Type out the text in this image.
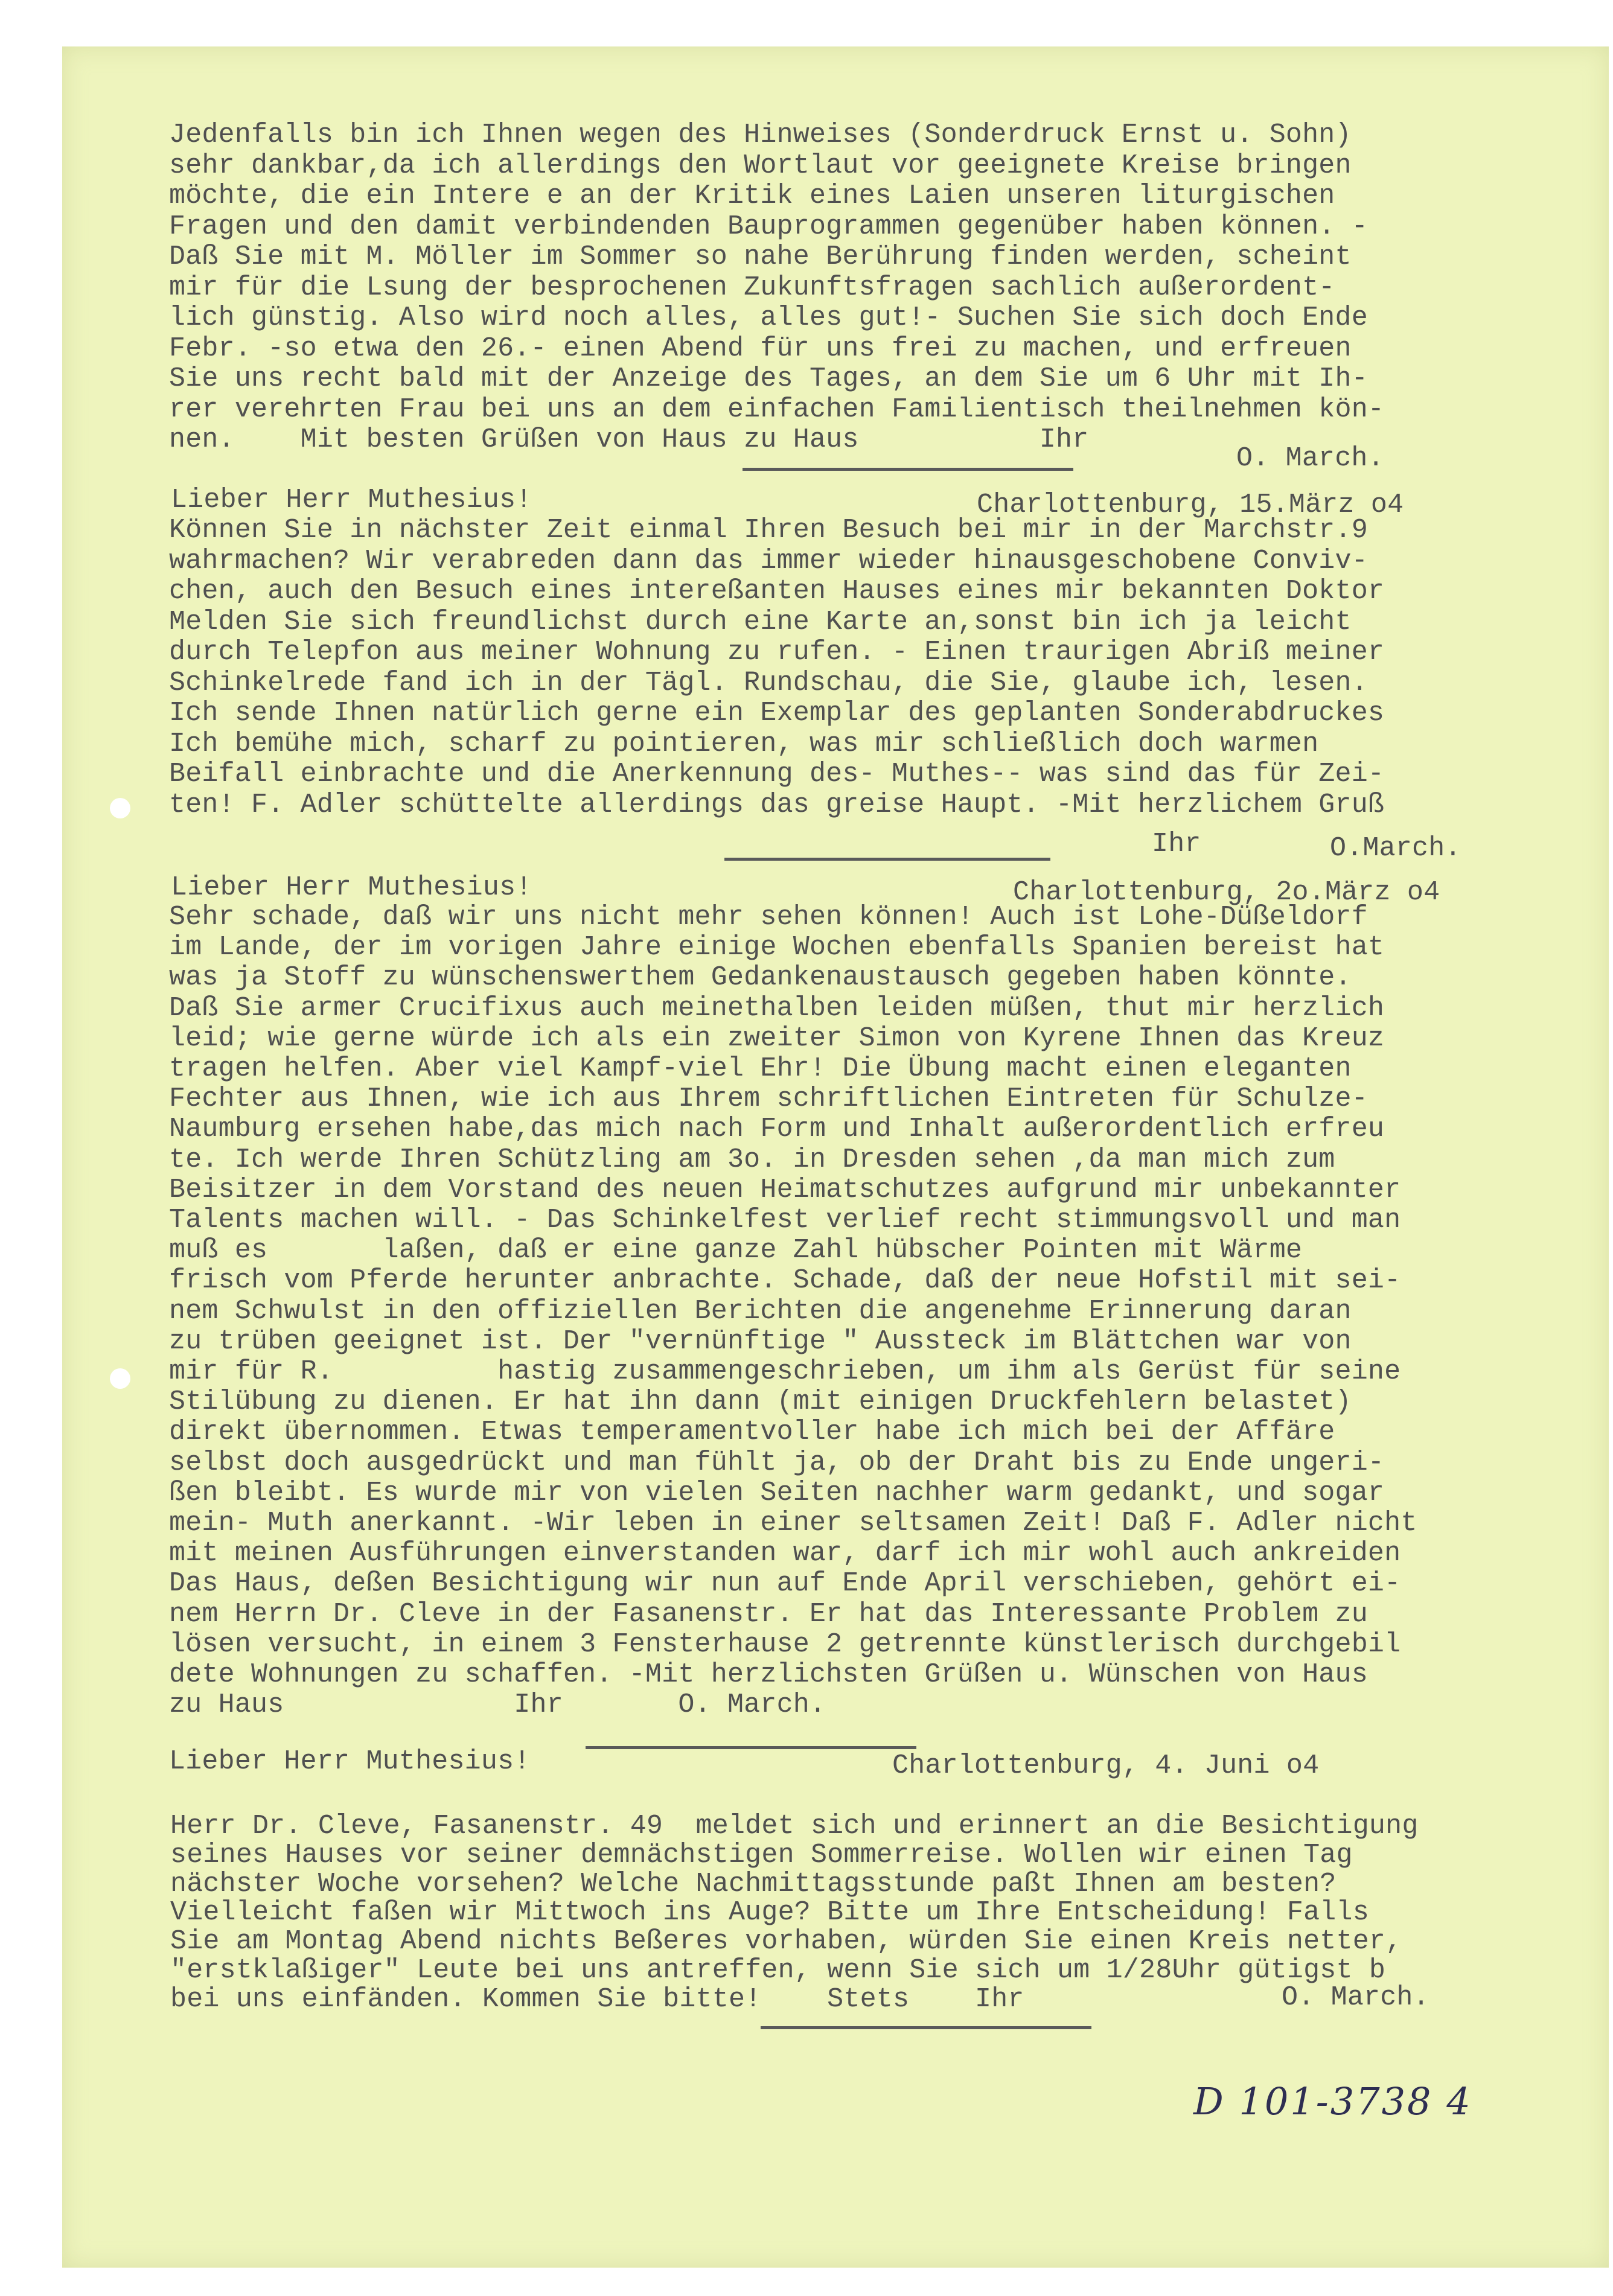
Jedenfalls bin ich Ihnen wegen des Hinweises (Sonderdruck Ernst u. Sohn)
sehr dankbar,da ich allerdings den Wortlaut vor geeignete Kreise bringen
möchte, die ein Intere e an der Kritik eines Laien unseren liturgischen
Fragen und den damit verbindenden Bauprogrammen gegenüber haben können. -
Daß Sie mit M. Möller im Sommer so nahe Berührung finden werden, scheint
mir für die Lsung der besprochenen Zukunftsfragen sachlich außerordent-
lich günstig. Also wird noch alles, alles gut!- Suchen Sie sich doch Ende
Febr. -so etwa den 26.- einen Abend für uns frei zu machen, und erfreuen
Sie uns recht bald mit der Anzeige des Tages, an dem Sie um 6 Uhr mit Ih-
rer verehrten Frau bei uns an dem einfachen Familientisch theilnehmen kön-
nen.    Mit besten Grüßen von Haus zu Haus           Ihr
O. March.
Lieber Herr Muthesius!	Charlottenburg, 15.März o4
Können Sie in nächster Zeit einmal Ihren Besuch bei mir in der Marchstr.9
wahrmachen? Wir verabreden dann das immer wieder hinausgeschobene Conviv-
chen, auch den Besuch eines intereßanten Hauses eines mir bekannten Doktor
Melden Sie sich freundlichst durch eine Karte an,sonst bin ich ja leicht
durch Telepfon aus meiner Wohnung zu rufen. - Einen traurigen Abriß meiner
Schinkelrede fand ich in der Tägl. Rundschau, die Sie, glaube ich, lesen.
Ich sende Ihnen natürlich gerne ein Exemplar des geplanten Sonderabdruckes
Ich bemühe mich, scharf zu pointieren, was mir schließlich doch warmen
Beifall einbrachte und die Anerkennung des- Muthes-- was sind das für Zei-
ten! F. Adler schüttelte allerdings das greise Haupt. -Mit herzlichem Gruß
Ihr	O.March.
Lieber Herr Muthesius!	Charlottenburg, 2o.März o4
Sehr schade, daß wir uns nicht mehr sehen können! Auch ist Lohe-Düßeldorf
im Lande, der im vorigen Jahre einige Wochen ebenfalls Spanien bereist hat
was ja Stoff zu wünschenswerthem Gedankenaustausch gegeben haben könnte.
Daß Sie armer Crucifixus auch meinethalben leiden müßen, thut mir herzlich
leid; wie gerne würde ich als ein zweiter Simon von Kyrene Ihnen das Kreuz
tragen helfen. Aber viel Kampf-viel Ehr! Die Übung macht einen eleganten
Fechter aus Ihnen, wie ich aus Ihrem schriftlichen Eintreten für Schulze-
Naumburg ersehen habe,das mich nach Form und Inhalt außerordentlich erfreu
te. Ich werde Ihren Schützling am 3o. in Dresden sehen ,da man mich zum
Beisitzer in dem Vorstand des neuen Heimatschutzes aufgrund mir unbekannter
Talents machen will. - Das Schinkelfest verlief recht stimmungsvoll und man
muß es       laßen, daß er eine ganze Zahl hübscher Pointen mit Wärme
frisch vom Pferde herunter anbrachte. Schade, daß der neue Hofstil mit sei-
nem Schwulst in den offiziellen Berichten die angenehme Erinnerung daran
zu trüben geeignet ist. Der "vernünftige " Aussteck im Blättchen war von
mir für R.          hastig zusammengeschrieben, um ihm als Gerüst für seine
Stilübung zu dienen. Er hat ihn dann (mit einigen Druckfehlern belastet)
direkt übernommen. Etwas temperamentvoller habe ich mich bei der Affäre
selbst doch ausgedrückt und man fühlt ja, ob der Draht bis zu Ende ungeri-
ßen bleibt. Es wurde mir von vielen Seiten nachher warm gedankt, und sogar
mein- Muth anerkannt. -Wir leben in einer seltsamen Zeit! Daß F. Adler nicht
mit meinen Ausführungen einverstanden war, darf ich mir wohl auch ankreiden
Das Haus, deßen Besichtigung wir nun auf Ende April verschieben, gehört ei-
nem Herrn Dr. Cleve in der Fasanenstr. Er hat das Interessante Problem zu
lösen versucht, in einem 3 Fensterhause 2 getrennte künstlerisch durchgebil
dete Wohnungen zu schaffen. -Mit herzlichsten Grüßen u. Wünschen von Haus
zu Haus              Ihr       O. March.
Lieber Herr Muthesius!	Charlottenburg, 4. Juni o4
Herr Dr. Cleve, Fasanenstr. 49  meldet sich und erinnert an die Besichtigung
seines Hauses vor seiner demnächstigen Sommerreise. Wollen wir einen Tag
nächster Woche vorsehen? Welche Nachmittagsstunde paßt Ihnen am besten?
Vielleicht faßen wir Mittwoch ins Auge? Bitte um Ihre Entscheidung! Falls
Sie am Montag Abend nichts Beßeres vorhaben, würden Sie einen Kreis netter,
"erstklaßiger" Leute bei uns antreffen, wenn Sie sich um 1/28Uhr gütigst b
bei uns einfänden. Kommen Sie bitte!    Stets    Ihr	O. March.
D 101-3738 4
